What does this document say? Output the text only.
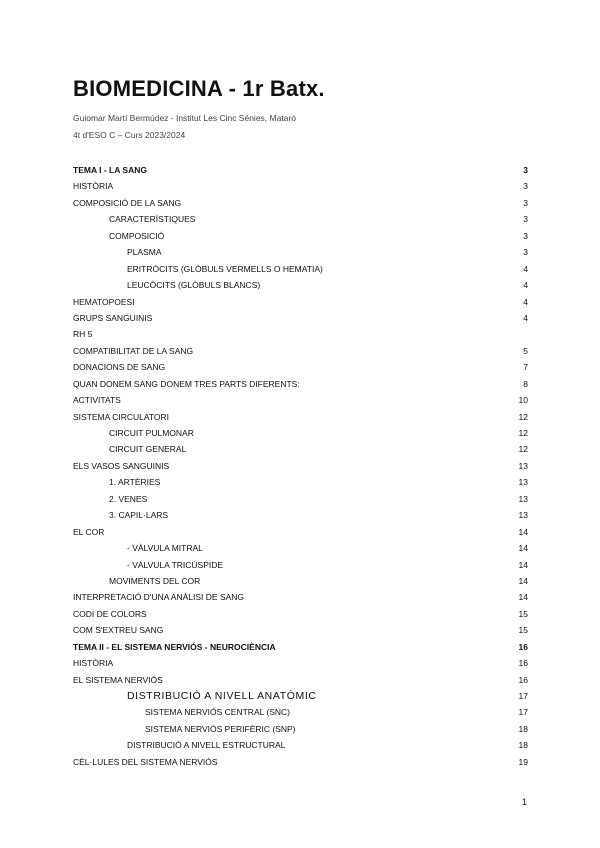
BIOMEDICINA - 1r Batx.
Guiomar Martí Bermúdez - Institut Les Cinc Sénies, Mataró
4t d'ESO C – Curs 2023/2024
TEMA I - LA SANG	3
HISTÒRIA	3
COMPOSICIÓ DE LA SANG	3
CARACTERÍSTIQUES	3
COMPOSICIÓ	3
PLASMA	3
ERITRÒCITS (GLÒBULS VERMELLS O HEMATIA)	4
LEUCÒCITS (GLÒBULS BLANCS)	4
HEMATOPOESI	4
GRUPS SANGUINIS	4
RH 5
COMPATIBILITAT DE LA SANG	5
DONACIONS DE SANG	7
QUAN DONEM SANG DONEM TRES PARTS DIFERENTS:	8
ACTIVITATS	10
SISTEMA CIRCULATORI	12
CIRCUIT PULMONAR	12
CIRCUIT GENERAL	12
ELS VASOS SANGUINIS	13
1. ARTÈRIES	13
2. VENES	13
3. CAPIL·LARS	13
EL COR	14
- VÀLVULA MITRAL	14
- VÀLVULA TRICÚSPIDE	14
MOVIMENTS DEL COR	14
INTERPRETACIÓ D'UNA ANÀLISI DE SANG	14
CODI DE COLORS	15
COM S'EXTREU SANG	15
TEMA II - EL SISTEMA NERVIÓS - NEUROCIÈNCIA	16
HISTÒRIA	16
EL SISTEMA NERVIÓS	16
DISTRIBUCIÓ A NIVELL ANATÒMIC	17
SISTEMA NERVIÓS CENTRAL (SNC)	17
SISTEMA NERVIÓS PERIFÈRIC (SNP)	18
DISTRIBUCIÓ A NIVELL ESTRUCTURAL	18
CÈL·LULES DEL SISTEMA NERVIÓS	19
1
